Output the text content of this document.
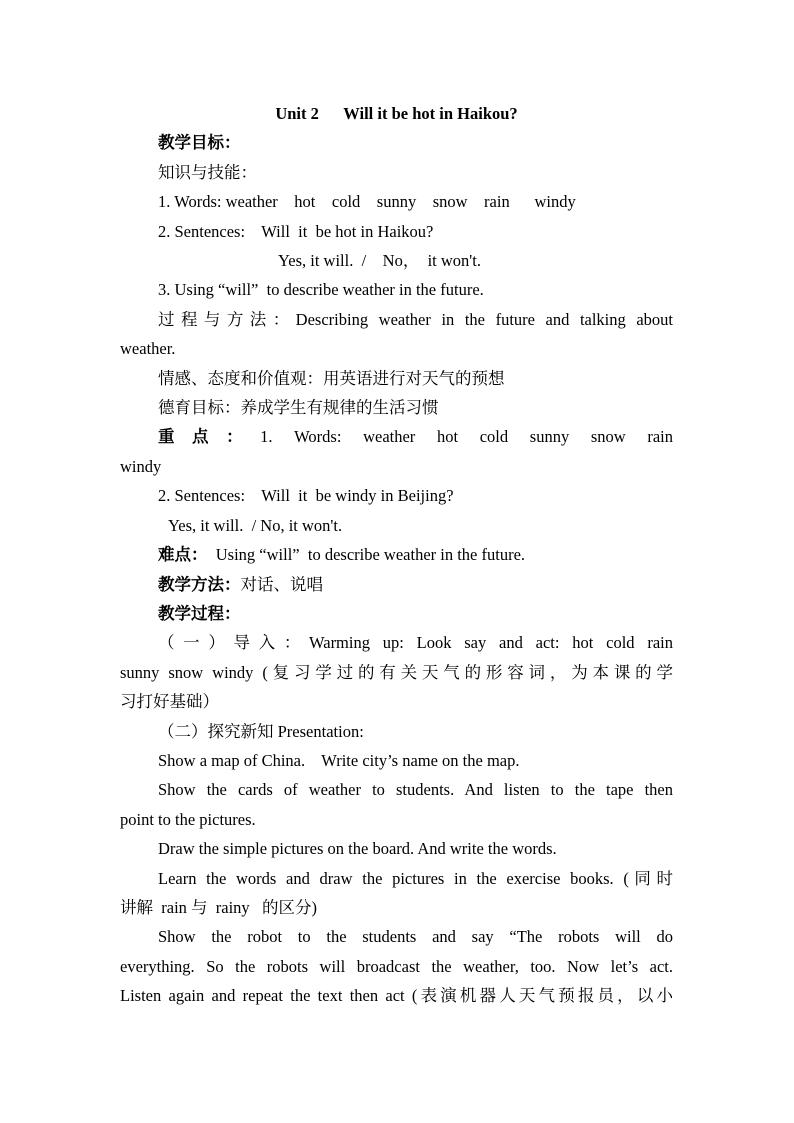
Unit 2      Will it be hot in Haikou?
教学目标：
知识与技能：
1. Words: weather    hot    cold    sunny    snow    rain      windy
2. Sentences:    Will  it  be hot in Haikou?
Yes, it will.  /    No，  it won't.
3. Using “will”  to describe weather in the future.
过程与方法：Describing weather in the future and talking about
weather.
情感、态度和价值观：用英语进行对天气的预想
德育目标：养成学生有规律的生活习惯
重点：1. Words: weather hot cold sunny snow rain
windy
2. Sentences:    Will  it  be windy in Beijing?
Yes, it will.  / No, it won't.
难点：  Using “will”  to describe weather in the future.
教学方法：对话、说唱
教学过程：
（一）导入：Warming up: Look say and act: hot cold rain
sunny snow windy (复习学过的有关天气的形容词，为本课的学
习打好基础）
（二）探究新知 Presentation:
Show a map of China.    Write city’s name on the map.
Show the cards of weather to students. And listen to the tape then
point to the pictures.
Draw the simple pictures on the board. And write the words.
Learn the words and draw the pictures in the exercise books. (同时
讲解  rain 与  rainy   的区分)
Show the robot to the students and say “The robots will do
everything. So the robots will broadcast the weather, too. Now let’s act.
Listen again and repeat the text then act (表演机器人天气预报员，以小
